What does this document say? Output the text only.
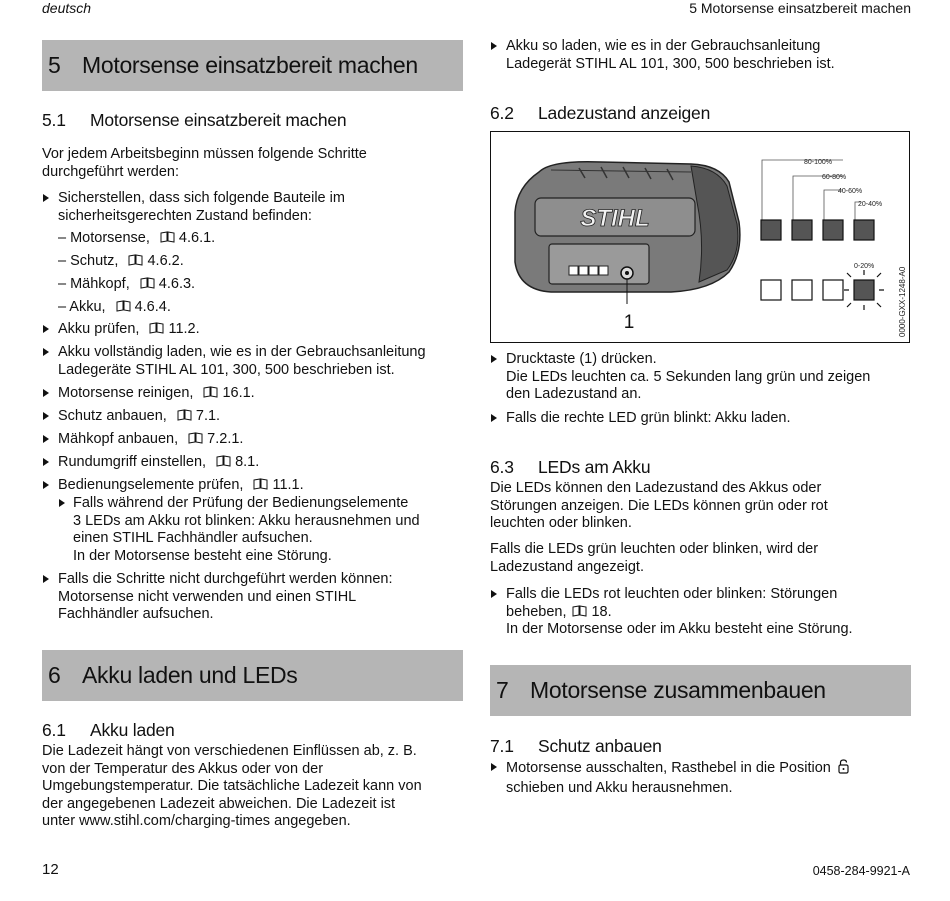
deutsch	5 Motorsense einsatzbereit machen
5 Motorsense einsatzbereit machen
5.1 Motorsense einsatzbereit machen
Vor jedem Arbeitsbeginn müssen folgende Schritte
durchgeführt werden:
Sicherstellen, dass sich folgende Bauteile im
sicherheitsgerechten Zustand befinden:
– Motorsense, 4.6.1.
– Schutz, 4.6.2.
– Mähkopf, 4.6.3.
– Akku, 4.6.4.
Akku prüfen, 11.2.
Akku vollständig laden, wie es in der Gebrauchsanleitung
Ladegeräte STIHL AL 101, 300, 500 beschrieben ist.
Motorsense reinigen, 16.1.
Schutz anbauen, 7.1.
Mähkopf anbauen, 7.2.1.
Rundumgriff einstellen, 8.1.
Bedienungselemente prüfen, 11.1.
Falls während der Prüfung der Bedienungselemente
3 LEDs am Akku rot blinken: Akku herausnehmen und
einen STIHL Fachhändler aufsuchen.
In der Motorsense besteht eine Störung.
Falls die Schritte nicht durchgeführt werden können:
Motorsense nicht verwenden und einen STIHL
Fachhändler aufsuchen.
6 Akku laden und LEDs
6.1 Akku laden
Die Ladezeit hängt von verschiedenen Einflüssen ab, z. B.
von der Temperatur des Akkus oder von der
Umgebungstemperatur. Die tatsächliche Ladezeit kann von
der angegebenen Ladezeit abweichen. Die Ladezeit ist
unter www.stihl.com/charging-times angegeben.
Akku so laden, wie es in der Gebrauchsanleitung
Ladegerät STIHL AL 101, 300, 500 beschrieben ist.
6.2 Ladezustand anzeigen
STIHL
80-100%
60-80%
40-60%
20-40%
0-20%
1	0000-GXX-1248-A0
Drucktaste (1) drücken.
Die LEDs leuchten ca. 5 Sekunden lang grün und zeigen
den Ladezustand an.
Falls die rechte LED grün blinkt: Akku laden.
6.3 LEDs am Akku
Die LEDs können den Ladezustand des Akkus oder
Störungen anzeigen. Die LEDs können grün oder rot
leuchten oder blinken.
Falls die LEDs grün leuchten oder blinken, wird der
Ladezustand angezeigt.
Falls die LEDs rot leuchten oder blinken: Störungen
beheben, 18.
In der Motorsense oder im Akku besteht eine Störung.
7 Motorsense zusammenbauen
7.1 Schutz anbauen
Motorsense ausschalten, Rasthebel in die Position
schieben und Akku herausnehmen.
12	0458-284-9921-A
